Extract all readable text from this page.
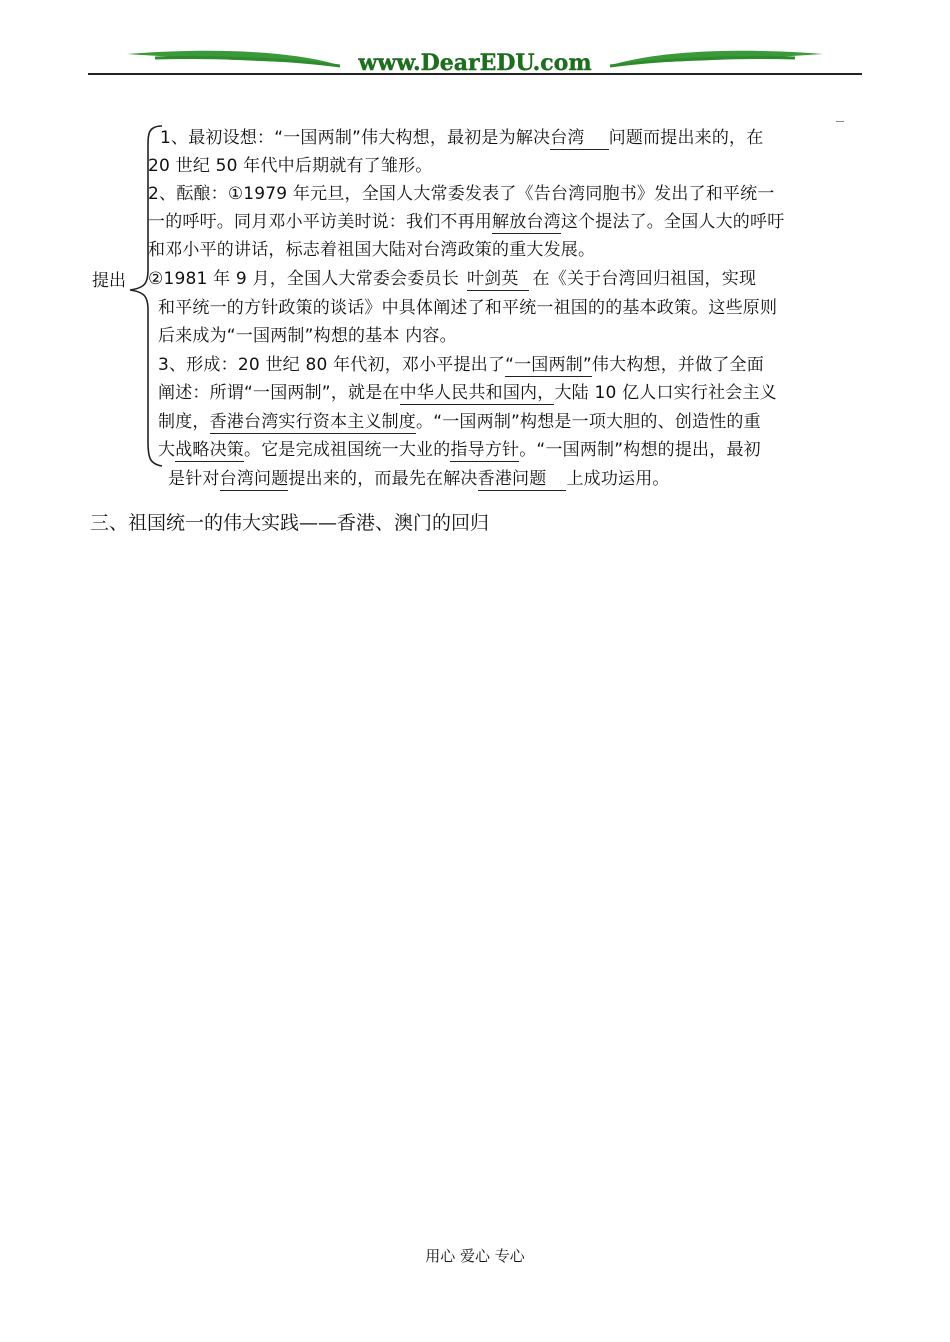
www.DearEDU.com
提出
1、最初设想：“一国两制”伟大构想，最初是为解决台湾 问题而提出来的，在
20 世纪 50 年代中后期就有了雏形。
2、酝酿：①1979 年元旦，全国人大常委发表了《告台湾同胞书》发出了和平统一
一的呼吁。同月邓小平访美时说：我们不再用解放台湾这个提法了。全国人大的呼吁
和邓小平的讲话，标志着祖国大陆对台湾政策的重大发展。
②1981 年 9 月，全国人大常委会委员长 叶剑英 在《关于台湾回归祖国，实现
和平统一的方针政策的谈话》中具体阐述了和平统一祖国的的基本政策。这些原则
后来成为“一国两制”构想的基本 内容。
3、形成：20 世纪 80 年代初，邓小平提出了“一国两制”伟大构想，并做了全面
阐述：所谓“一国两制”，就是在中华人民共和国内，大陆 10 亿人口实行社会主义
制度，香港台湾实行资本主义制度。“一国两制”构想是一项大胆的、创造性的重
大战略决策。它是完成祖国统一大业的指导方针。“一国两制”构想的提出，最初
是针对台湾问题提出来的，而最先在解决香港问题 上成功运用。
三、祖国统一的伟大实践——香港、澳门的回归
用心 爱心 专心
